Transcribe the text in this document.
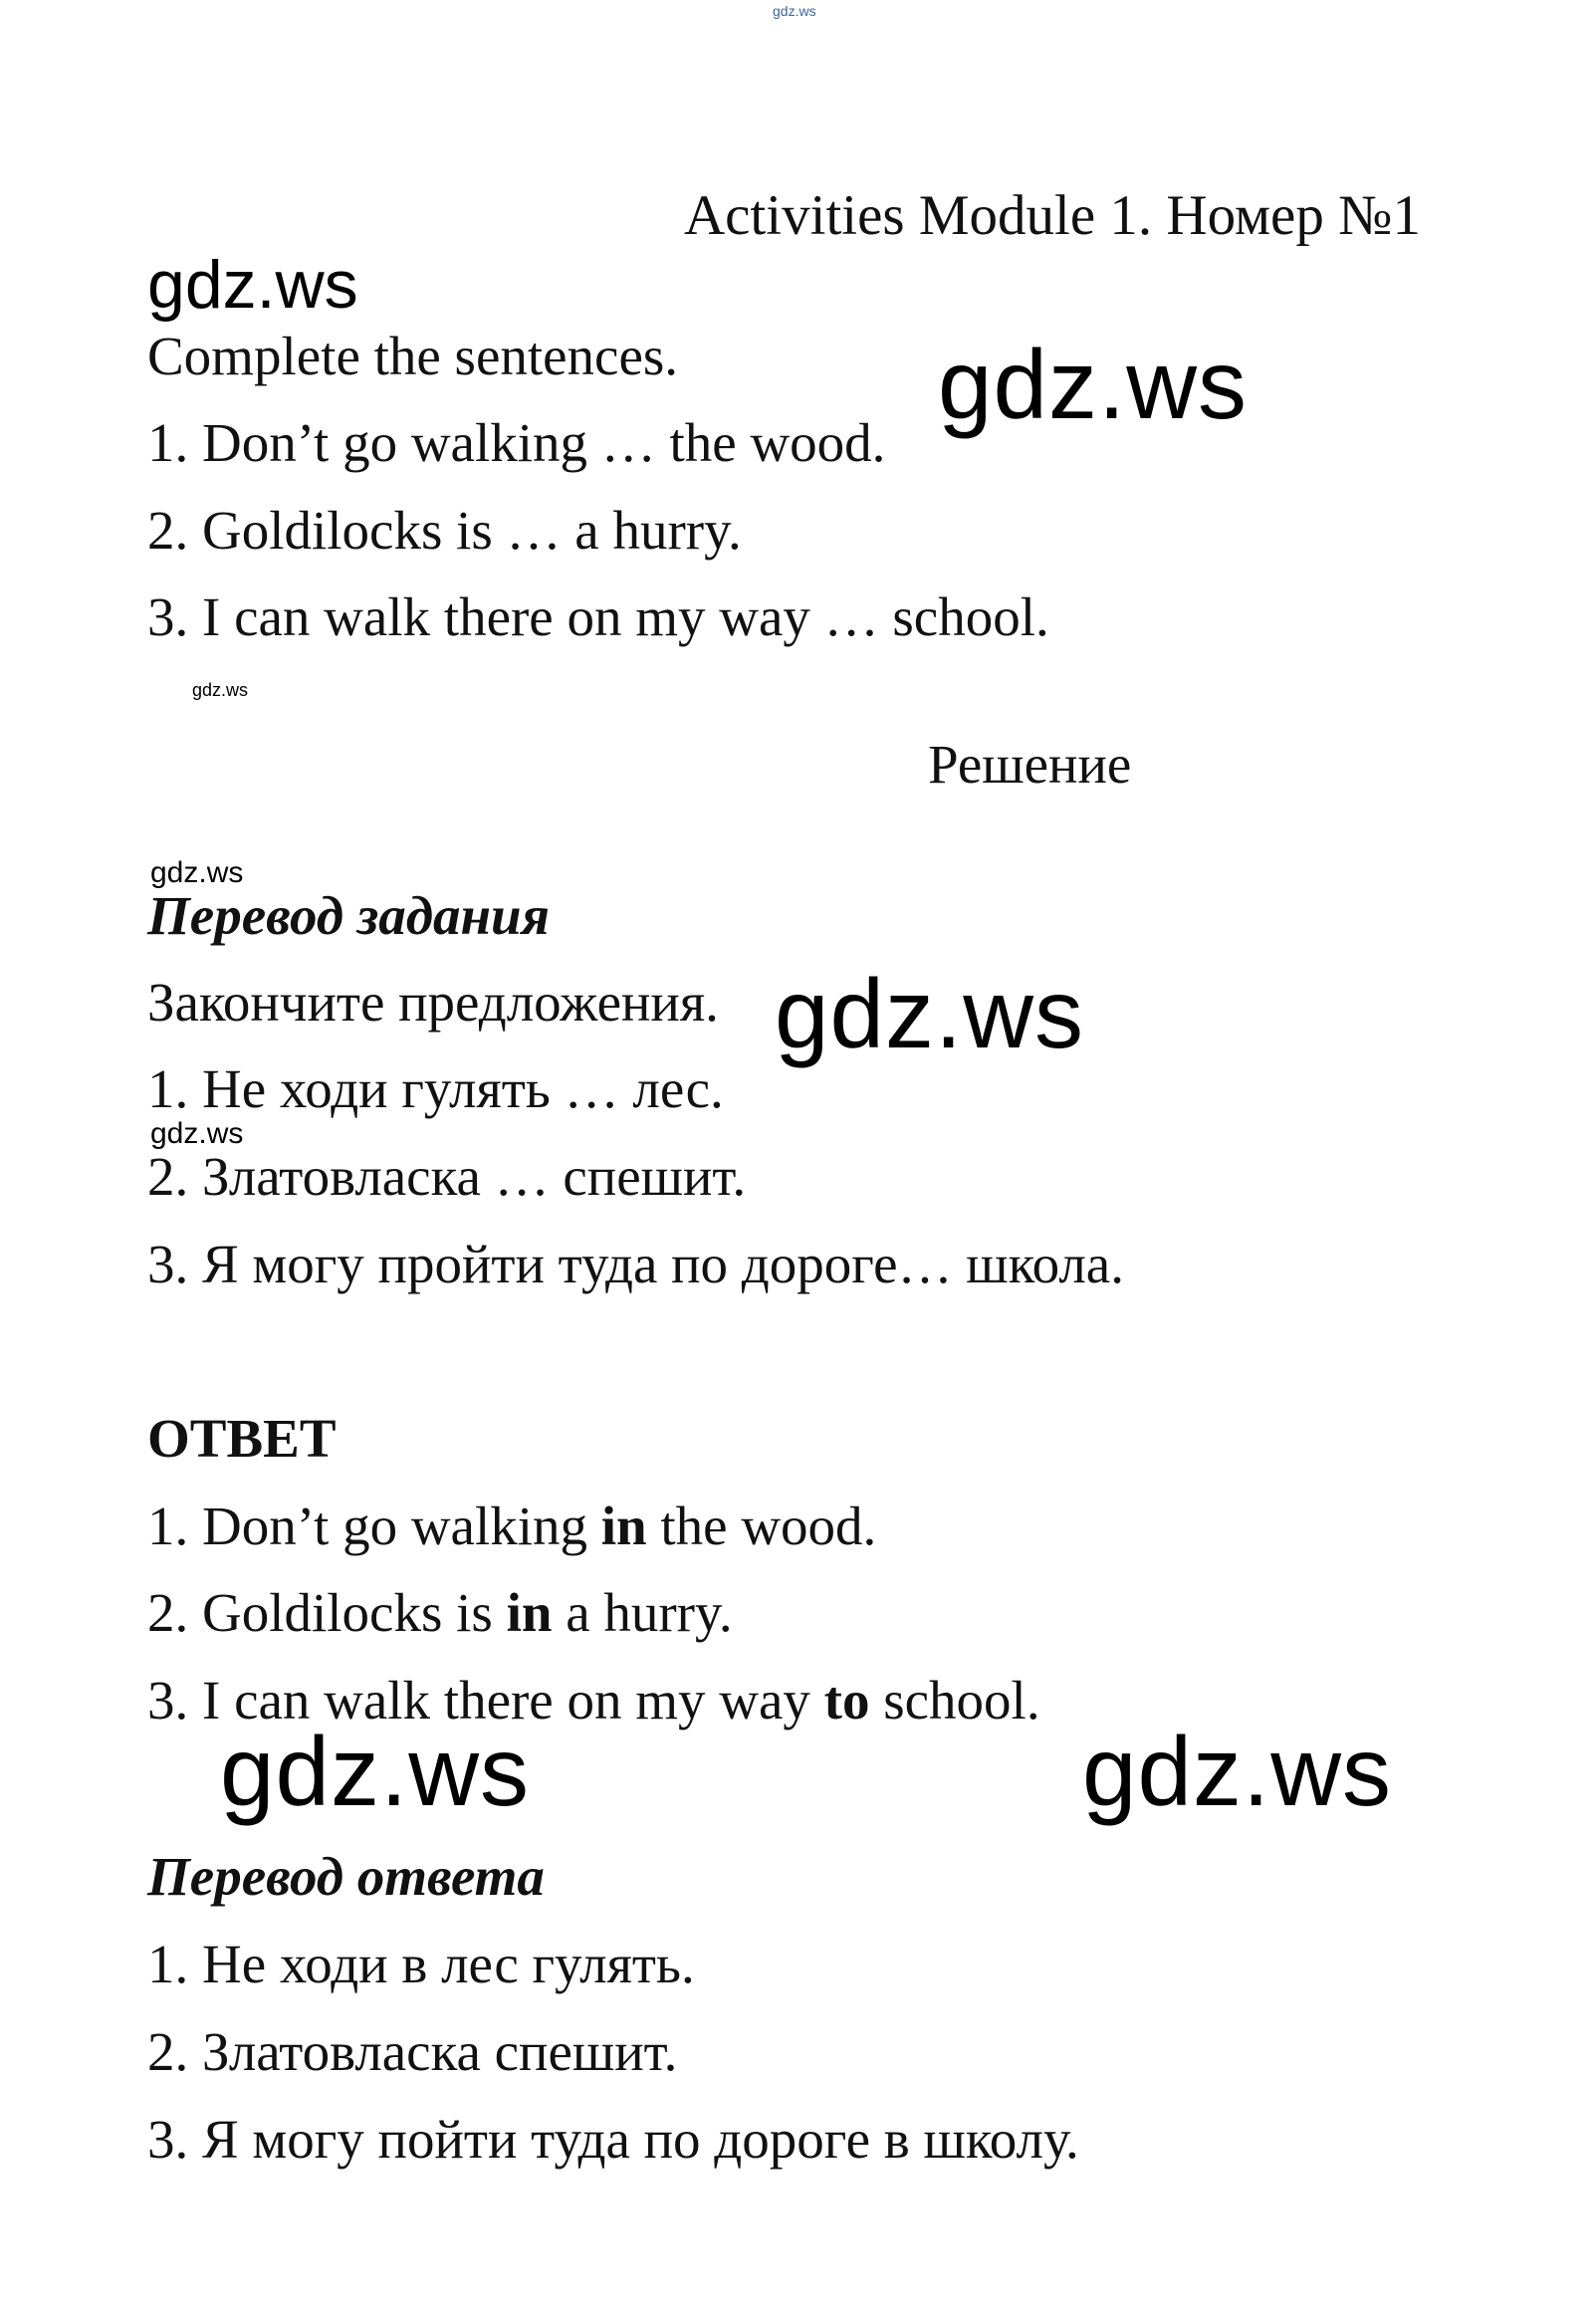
gdz.ws
Activities Module 1. Номер №1
gdz.ws
Complete the sentences.	gdz.ws
1. Don’t go walking … the wood.
2. Goldilocks is … a hurry.
3. I can walk there on my way … school.
gdz.ws
Решение
gdz.ws
Перевод задания
Закончите предложения. gdz.ws
1. Не ходи гулять … лес.
gdz.ws
2. Златовласка … спешит.
3. Я могу пройти туда по дороге… школа.
ОТВЕТ
1. Don’t go walking in the wood.
2. Goldilocks is in a hurry.
3. I can walk there on my way to school.
gdz.ws	gdz.ws
Перевод ответа
1. Не ходи в лес гулять.
2. Златовласка спешит.
3. Я могу пойти туда по дороге в школу.
